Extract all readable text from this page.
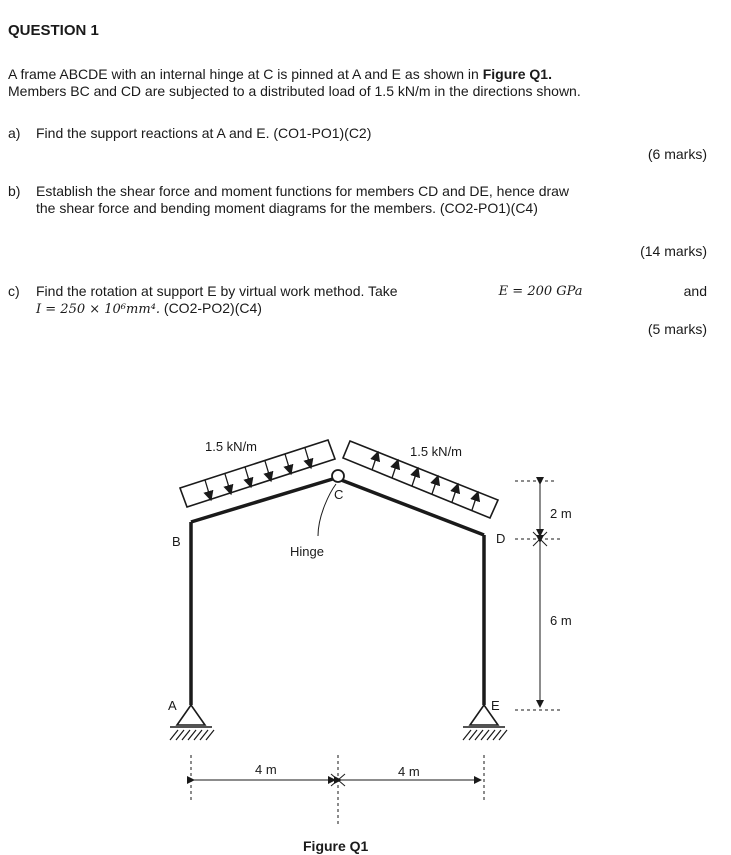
QUESTION 1
A frame ABCDE with an internal hinge at C is pinned at A and E as shown in Figure Q1.
Members BC and CD are subjected to a distributed load of 1.5 kN/m in the directions shown.
a) Find the support reactions at A and E. (CO1-PO1)(C2)
(6 marks)
b) Establish the shear force and moment functions for members CD and DE, hence draw
the shear force and bending moment diagrams for the members. (CO2-PO1)(C4)
(14 marks)
c) Find the rotation at support E by virtual work method. Take	E = 200 GPa	and
I = 250 × 10⁶mm⁴. (CO2-PO2)(C4)
(5 marks)
1.5 kN/m	1.5 kN/m
B
C
D
A	E
Hinge
2 m
6 m
4 m	4 m
Figure Q1
